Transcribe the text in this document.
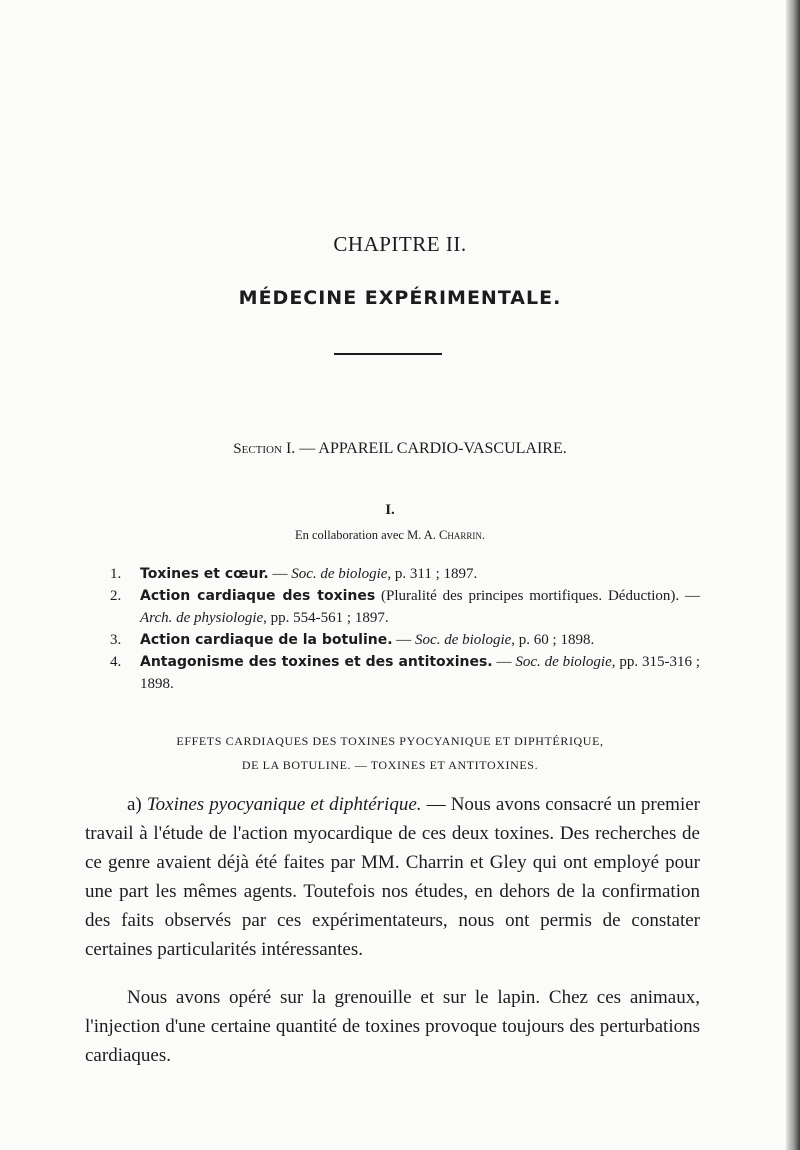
CHAPITRE II.
MÉDECINE EXPÉRIMENTALE.
Section I. — APPAREIL CARDIO-VASCULAIRE.
I.
En collaboration avec M. A. Charrin.
1.	Toxines et cœur. — Soc. de biologie, p. 311 ; 1897.
2.	Action cardiaque des toxines (Pluralité des principes mortifiques. Déduction). — Arch. de physiologie, pp. 554-561 ; 1897.
3.	Action cardiaque de la botuline. — Soc. de biologie, p. 60 ; 1898.
4.	Antagonisme des toxines et des antitoxines. — Soc. de biologie, pp. 315-316 ; 1898.
EFFETS CARDIAQUES DES TOXINES PYOCYANIQUE ET DIPHTÉRIQUE,
DE LA BOTULINE. — TOXINES ET ANTITOXINES.

a) Toxines pyocyanique et diphtérique. — Nous avons consacré un premier travail à l'étude de l'action myocardique de ces deux toxines. Des recherches de ce genre avaient déjà été faites par MM. Charrin et Gley qui ont employé pour une part les mêmes agents. Toutefois nos études, en dehors de la confirmation des faits observés par ces expérimentateurs, nous ont permis de constater certaines particularités intéressantes.

Nous avons opéré sur la grenouille et sur le lapin. Chez ces animaux, l'injection d'une certaine quantité de toxines provoque toujours des perturbations cardiaques.
